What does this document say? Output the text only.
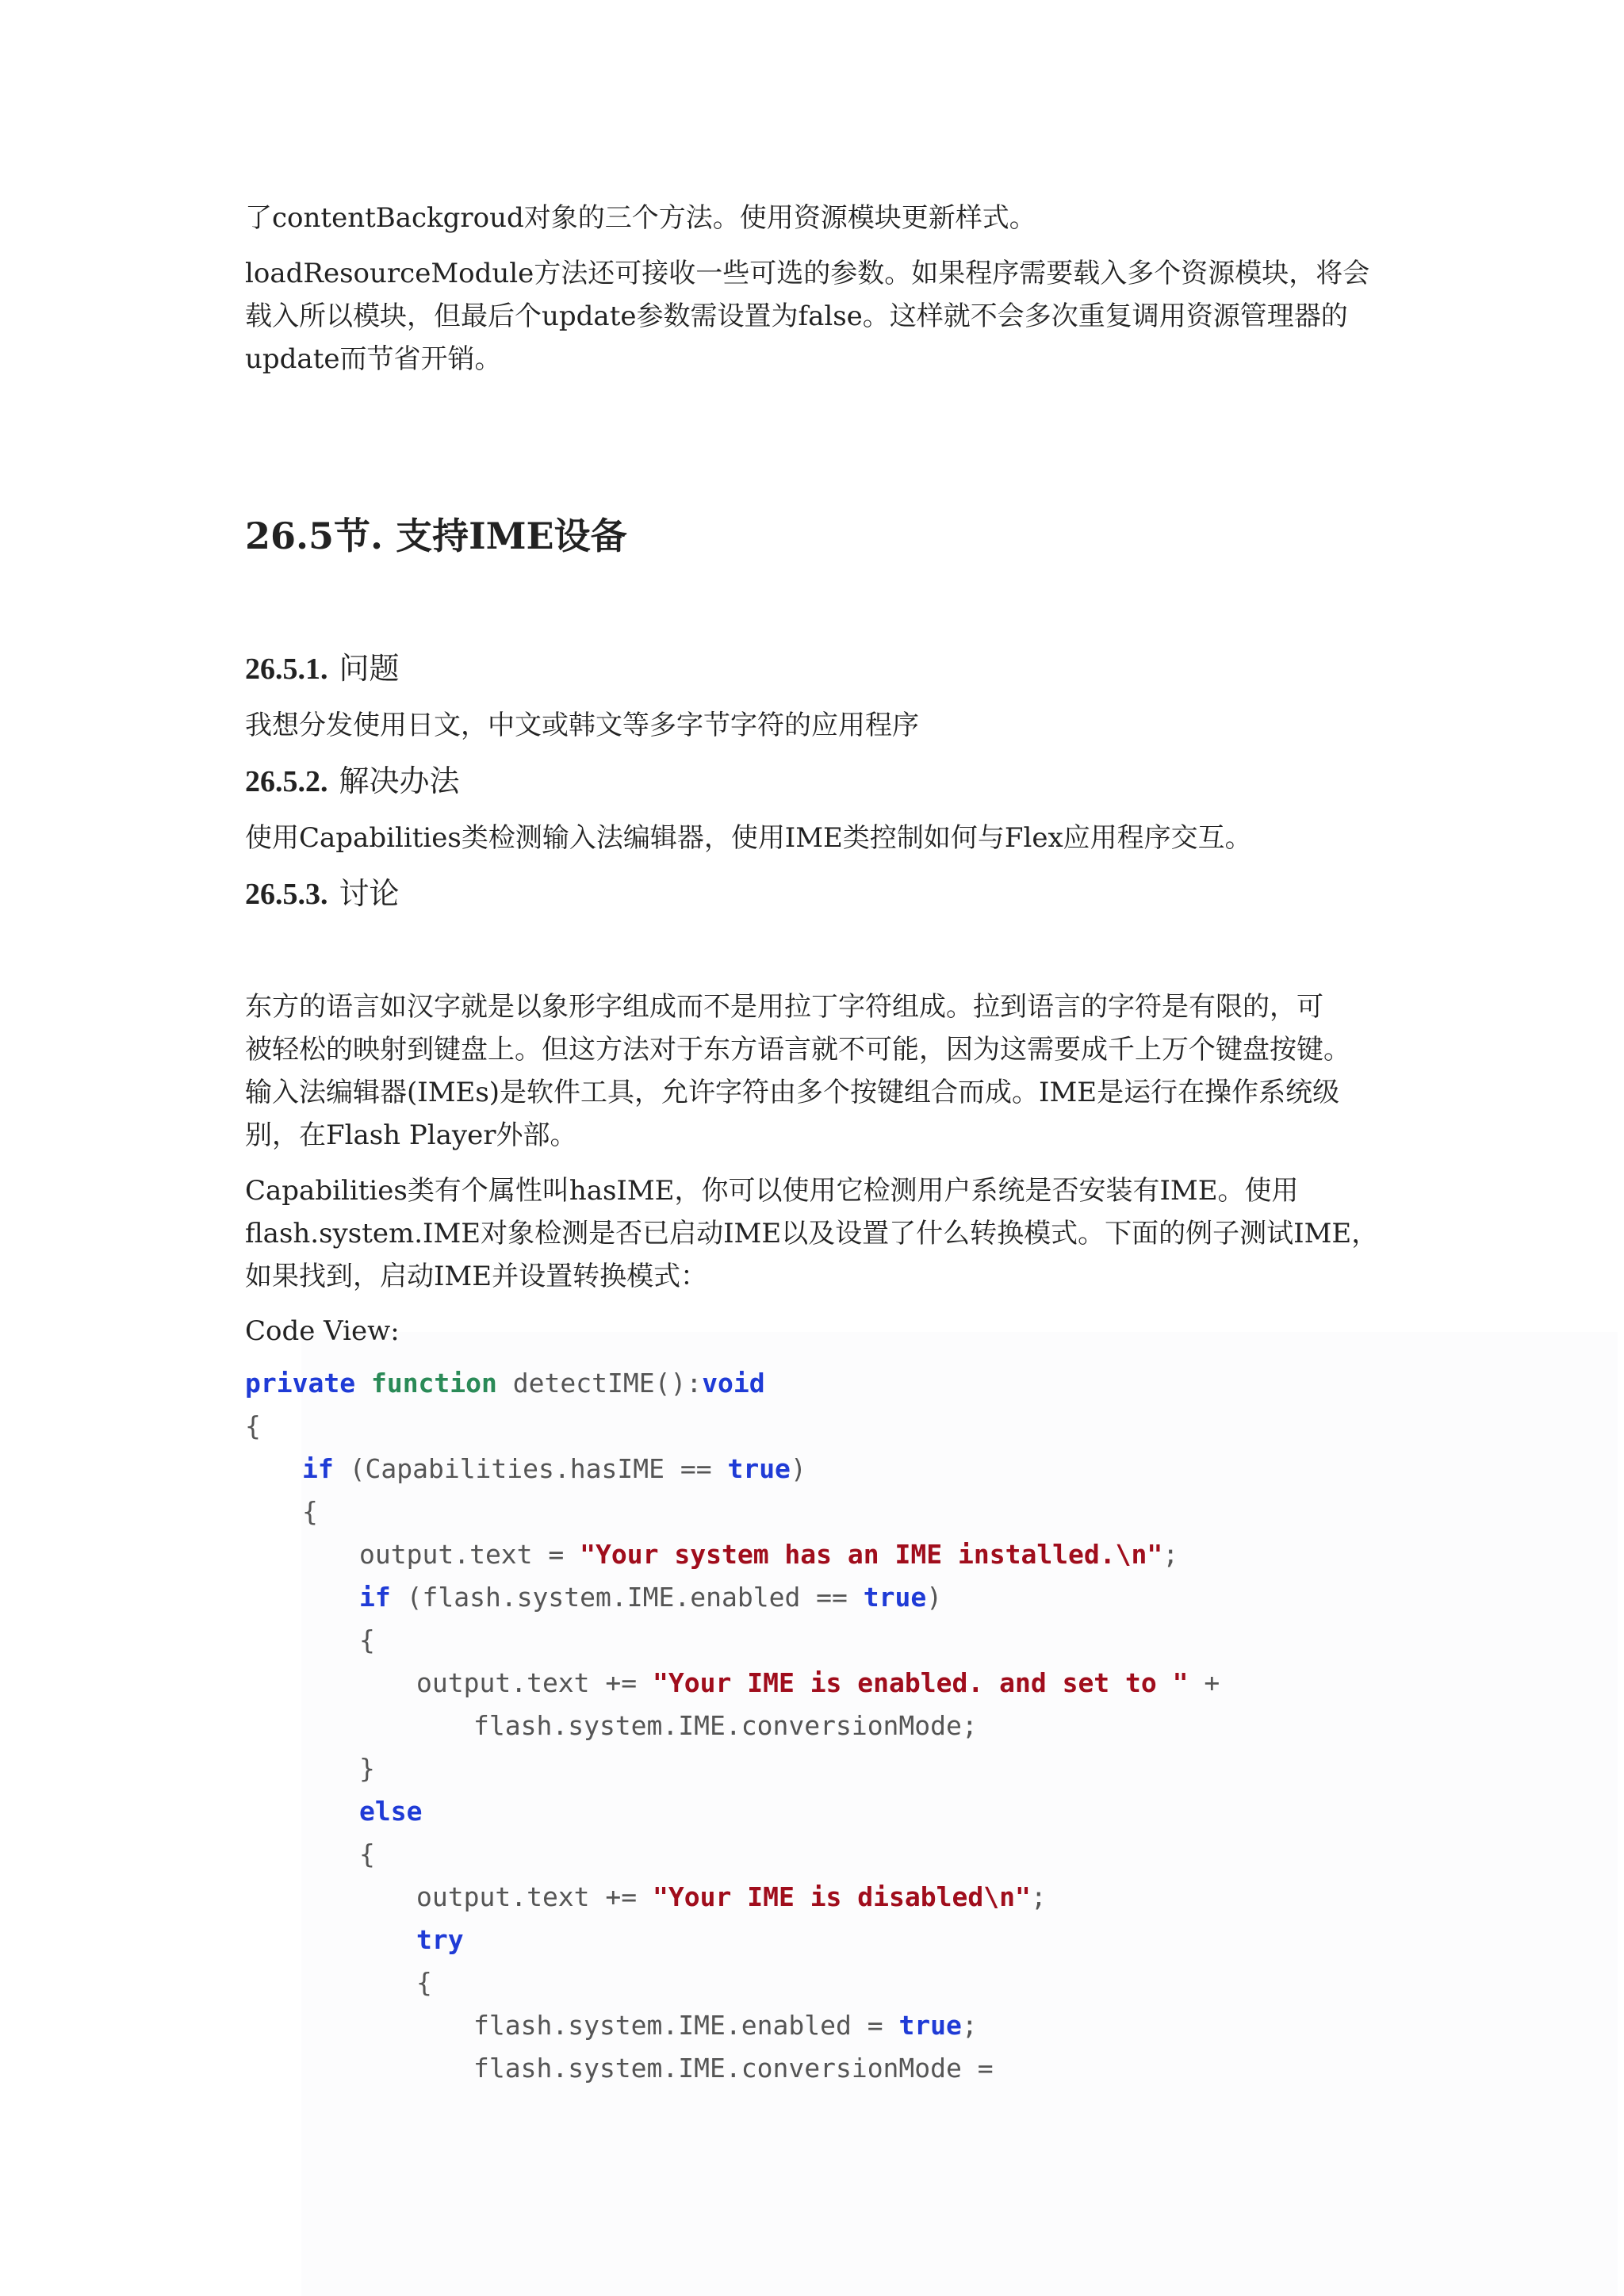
了contentBackgroud对象的三个方法。使用资源模块更新样式。

loadResourceModule方法还可接收一些可选的参数。如果程序需要载入多个资源模块，将会
载入所以模块，但最后个update参数需设置为false。这样就不会多次重复调用资源管理器的
update而节省开销。
26.5节. 支持IME设备
26.5.1. 问题

我想分发使用日文，中文或韩文等多字节字符的应用程序

26.5.2. 解决办法

使用Capabilities类检测输入法编辑器，使用IME类控制如何与Flex应用程序交互。

26.5.3. 讨论
东方的语言如汉字就是以象形字组成而不是用拉丁字符组成。拉到语言的字符是有限的，可
被轻松的映射到键盘上。但这方法对于东方语言就不可能，因为这需要成千上万个键盘按键。
输入法编辑器(IMEs)是软件工具，允许字符由多个按键组合而成。IME是运行在操作系统级
别，在Flash Player外部。
Capabilities类有个属性叫hasIME，你可以使用它检测用户系统是否安装有IME。使用
flash.system.IME对象检测是否已启动IME以及设置了什么转换模式。下面的例子测试IME，
如果找到，启动IME并设置转换模式：

Code View:

private function detectIME():void
{
if (Capabilities.hasIME == true)
{
output.text = "Your system has an IME installed.\n";
if (flash.system.IME.enabled == true)
{
output.text += "Your IME is enabled. and set to " +
flash.system.IME.conversionMode;
}
else
{
output.text += "Your IME is disabled\n";
try
{
flash.system.IME.enabled = true;
flash.system.IME.conversionMode =
